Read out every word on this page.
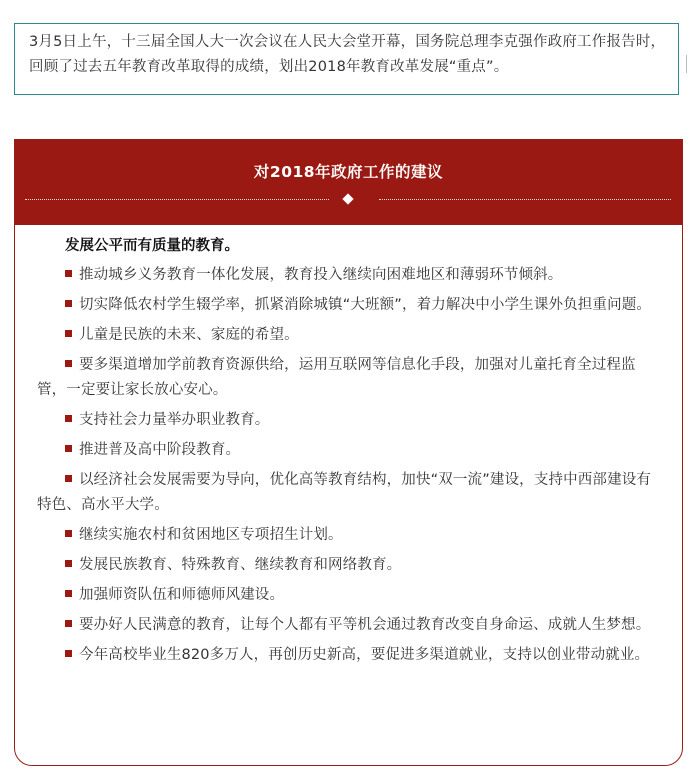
3月5日上午，十三届全国人大一次会议在人民大会堂开幕，国务院总理李克强作政府工作报告时，回顾了过去五年教育改革取得的成绩，划出2018年教育改革发展“重点”。
对2018年政府工作的建议
发展公平而有质量的教育。
推动城乡义务教育一体化发展，教育投入继续向困难地区和薄弱环节倾斜。
切实降低农村学生辍学率，抓紧消除城镇“大班额”，着力解决中小学生课外负担重问题。
儿童是民族的未来、家庭的希望。
要多渠道增加学前教育资源供给，运用互联网等信息化手段，加强对儿童托育全过程监管，一定要让家长放心安心。
支持社会力量举办职业教育。
推进普及高中阶段教育。
以经济社会发展需要为导向，优化高等教育结构，加快“双一流”建设，支持中西部建设有特色、高水平大学。
继续实施农村和贫困地区专项招生计划。
发展民族教育、特殊教育、继续教育和网络教育。
加强师资队伍和师德师风建设。
要办好人民满意的教育，让每个人都有平等机会通过教育改变自身命运、成就人生梦想。
今年高校毕业生820多万人，再创历史新高，要促进多渠道就业，支持以创业带动就业。
